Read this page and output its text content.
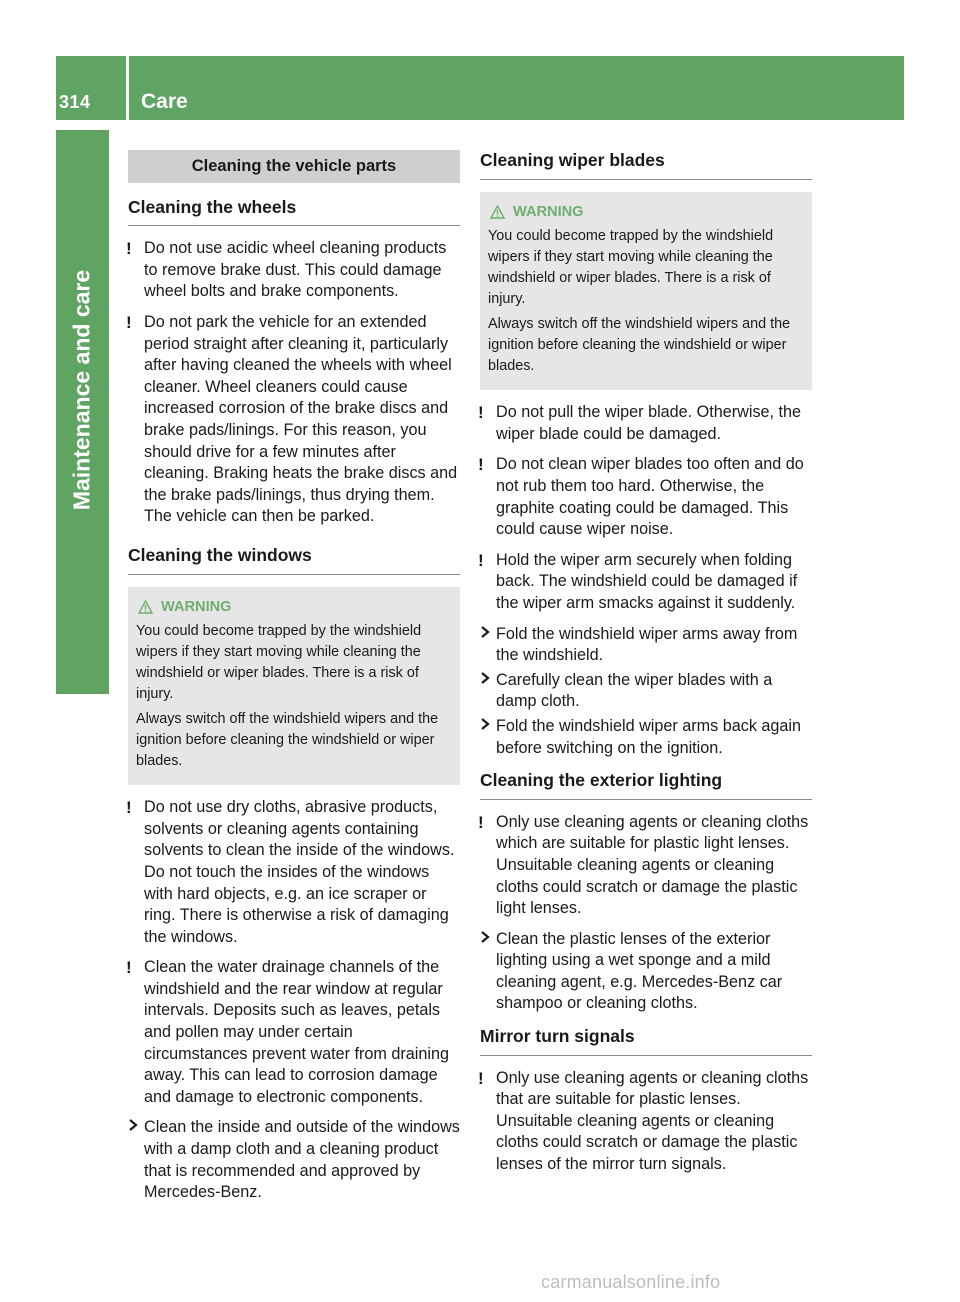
314	Care
Maintenance and care
Cleaning the vehicle parts
Cleaning the wheels
! Do not use acidic wheel cleaning products to remove brake dust. This could damage wheel bolts and brake components.
! Do not park the vehicle for an extended period straight after cleaning it, particularly after having cleaned the wheels with wheel cleaner. Wheel cleaners could cause increased corrosion of the brake discs and brake pads/linings. For this reason, you should drive for a few minutes after cleaning. Braking heats the brake discs and the brake pads/linings, thus drying them. The vehicle can then be parked.
Cleaning the windows
WARNING

You could become trapped by the windshield wipers if they start moving while cleaning the windshield or wiper blades. There is a risk of injury.

Always switch off the windshield wipers and the ignition before cleaning the windshield or wiper blades.

! Do not use dry cloths, abrasive products, solvents or cleaning agents containing solvents to clean the inside of the windows. Do not touch the insides of the windows with hard objects, e.g. an ice scraper or ring. There is otherwise a risk of damaging the windows.
! Clean the water drainage channels of the windshield and the rear window at regular intervals. Deposits such as leaves, petals and pollen may under certain circumstances prevent water from draining away. This can lead to corrosion damage and damage to electronic components.
Clean the inside and outside of the windows with a damp cloth and a cleaning product that is recommended and approved by Mercedes-Benz.
Cleaning wiper blades
WARNING

You could become trapped by the windshield wipers if they start moving while cleaning the windshield or wiper blades. There is a risk of injury.

Always switch off the windshield wipers and the ignition before cleaning the windshield or wiper blades.

! Do not pull the wiper blade. Otherwise, the wiper blade could be damaged.
! Do not clean wiper blades too often and do not rub them too hard. Otherwise, the graphite coating could be damaged. This could cause wiper noise.
! Hold the wiper arm securely when folding back. The windshield could be damaged if the wiper arm smacks against it suddenly.
Fold the windshield wiper arms away from the windshield.
Carefully clean the wiper blades with a damp cloth.
Fold the windshield wiper arms back again before switching on the ignition.
Cleaning the exterior lighting
! Only use cleaning agents or cleaning cloths which are suitable for plastic light lenses. Unsuitable cleaning agents or cleaning cloths could scratch or damage the plastic light lenses.
Clean the plastic lenses of the exterior lighting using a wet sponge and a mild cleaning agent, e.g. Mercedes-Benz car shampoo or cleaning cloths.
Mirror turn signals
! Only use cleaning agents or cleaning cloths that are suitable for plastic lenses. Unsuitable cleaning agents or cleaning cloths could scratch or damage the plastic lenses of the mirror turn signals.
carmanualsonline.info
